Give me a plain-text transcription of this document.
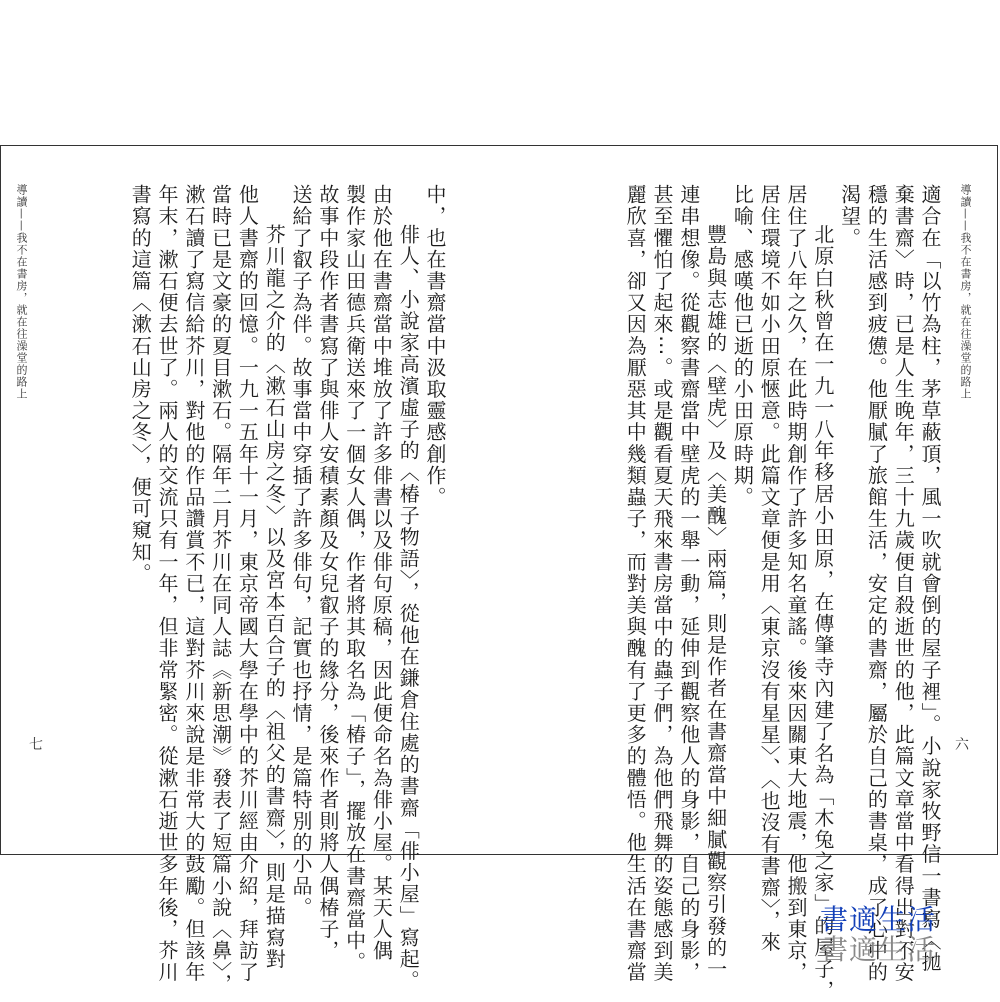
導讀——我不在書房，就在往澡堂的路上	中，也在書齋當中汲取靈感創作。

俳人、小說家高濱虛子的〈椿子物語〉，從他在鎌倉住處的書齋「俳小屋」寫起。

由於他在書齋當中堆放了許多俳書以及俳句原稿，因此便命名為俳小屋。某天人偶

製作家山田德兵衛送來了一個女人偶，作者將其取名為「椿子」，擺放在書齋當中。

故事中段作者書寫了與俳人安積素顏及女兒叡子的緣分，後來作者則將人偶椿子，

送給了叡子為伴。故事當中穿插了許多俳句，記實也抒情，是篇特別的小品。

芥川龍之介的〈漱石山房之冬〉以及宮本百合子的〈祖父的書齋〉，則是描寫對

他人書齋的回憶。一九一五年十一月，東京帝國大學在學中的芥川經由介紹，拜訪了

當時已是文豪的夏目漱石。隔年二月芥川在同人誌《新思潮》發表了短篇小說〈鼻〉，

漱石讀了寫信給芥川，對他的作品讚賞不已，這對芥川來說是非常大的鼓勵。但該年

年末，漱石便去世了。兩人的交流只有一年，但非常緊密。從漱石逝世多年後，芥川

書寫的這篇〈漱石山房之冬〉，便可窺知。

七	適合在「以竹為柱，茅草蔽頂，風一吹就會倒的屋子裡」。小說家牧野信一書寫〈拋

棄書齋〉時，已是人生晚年，三十九歲便自殺逝世的他，此篇文章當中看得出對不安

穩的生活感到疲憊。他厭膩了旅館生活，安定的書齋，屬於自己的書桌，成了心中的

渴望。

北原白秋曾在一九一八年移居小田原，在傳肇寺內建了名為「木兔之家」的屋子，

居住了八年之久，在此時期創作了許多知名童謠。後來因關東大地震，他搬到東京，

居住環境不如小田原愜意。此篇文章便是用〈東京沒有星星〉、〈也沒有書齋〉，來

比喻、感嘆他已逝的小田原時期。

豐島與志雄的〈壁虎〉及〈美醜〉兩篇，則是作者在書齋當中細膩觀察引發的一

連串想像。從觀察書齋當中壁虎的一舉一動，延伸到觀察他人的身影，自己的身影，

甚至懼怕了起來⋯。或是觀看夏天飛來書房當中的蟲子們，為他們飛舞的姿態感到美

麗欣喜，卻又因為厭惡其中幾類蟲子，而對美與醜有了更多的體悟。他生活在書齋當	導讀——我不在書房，就在往澡堂的路上
六
書適生活
書適生活
